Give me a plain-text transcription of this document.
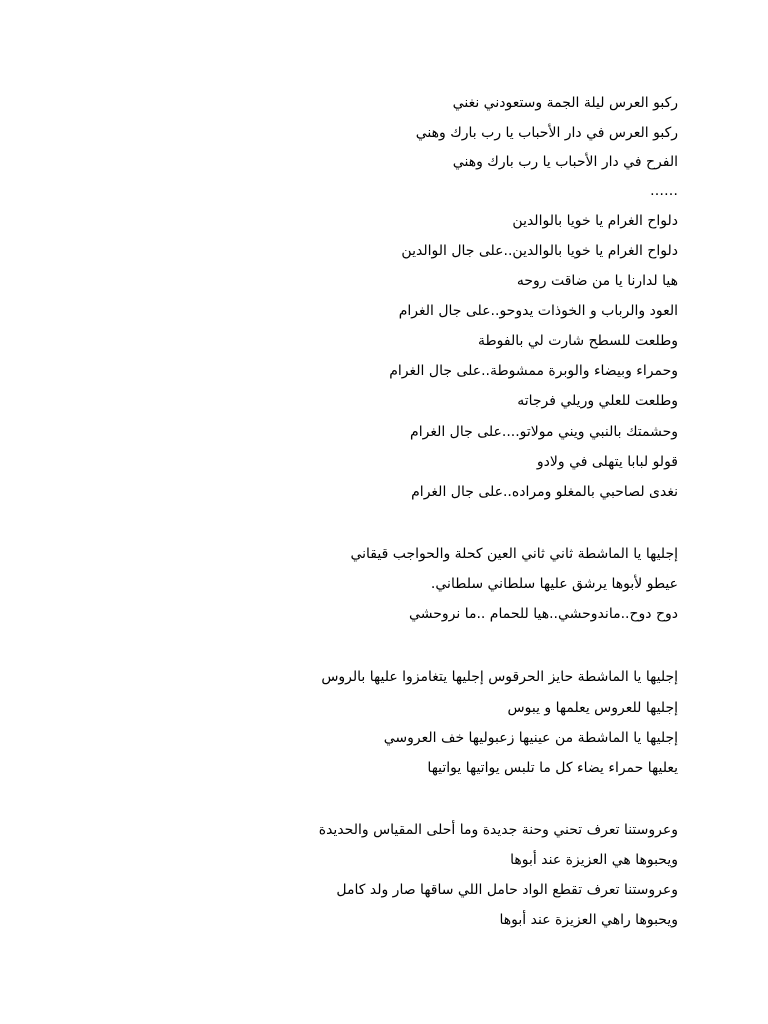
ركبو العرس ليلة الجمة وستعودني نغني
ركبو العرس في دار الأحباب يا رب بارك وهني
الفرح في دار الأحباب يا رب بارك وهني
……
دلواح الغرام يا خويا بالوالدين
دلواح الغرام يا خويا بالوالدين..على جال الوالدين
هيا لدارنا يا من ضاقت روحه
العود والرباب و الخوذات يدوحو..على جال الغرام
وطلعت للسطح شارت لي بالفوطة
وحمراء وبيضاء والوبرة ممشوطة..على جال الغرام
وطلعت للعلي وريلي فرجاته
وحشمتك بالنبي ويني مولاتو....على جال الغرام
قولو لبابا يتهلى في ولادو
نغدى لصاحبي بالمغلو ومراده..على جال الغرام
إجليها يا الماشطة ثاني ثاني العين كحلة والحواجب قيقاني
عيطو لأبوها يرشق عليها سلطاني سلطاني.
دوح دوح..ماندوحشي..هيا للحمام ..ما نروحشي
إجليها يا الماشطة حايز الحرقوس إجليها يتغامزوا عليها بالروس
إجليها للعروس يعلمها و يبوس
إجليها يا الماشطة من عينيها زعبوليها خف العروسي
يعليها حمراء يضاء كل ما تلبس يواتيها يواتيها
وعروستنا تعرف تحني وحنة جديدة وما أحلى المقياس والحديدة
ويحبوها هي العزيزة عند أبوها
وعروستنا تعرف تقطع الواد حامل اللي ساقها صار ولد كامل
ويحبوها راهي العزيزة عند أبوها
